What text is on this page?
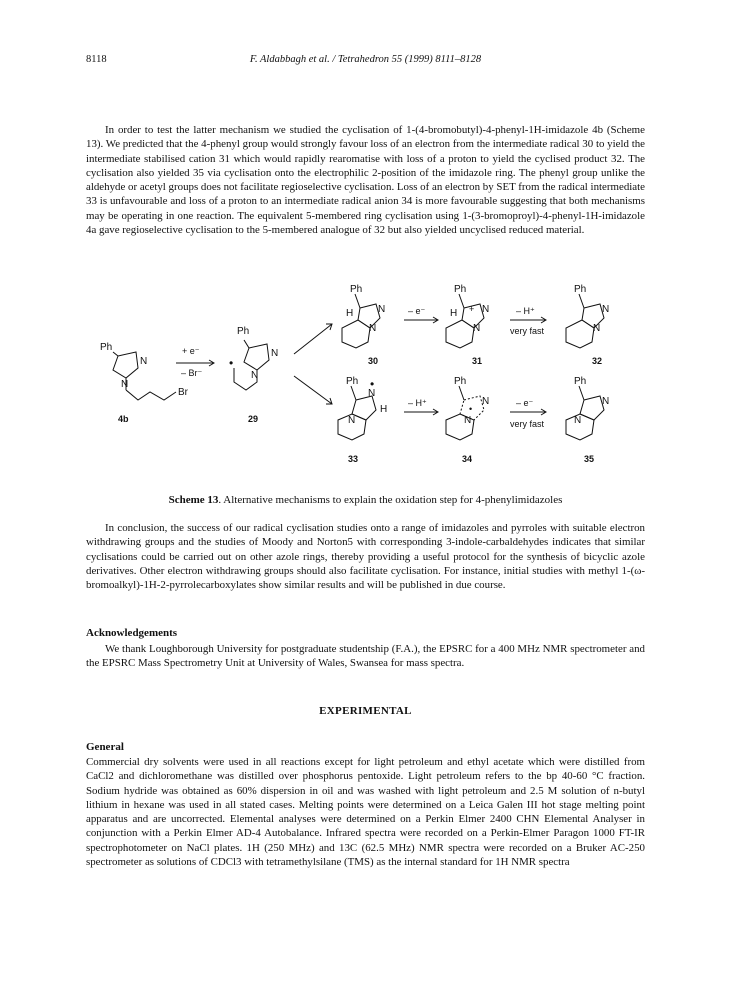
8118	F. Aldabbagh et al. / Tetrahedron 55 (1999) 8111–8128

In order to test the latter mechanism we studied the cyclisation of 1-(4-bromobutyl)-4-phenyl-1H-imidazole 4b (Scheme 13). We predicted that the 4-phenyl group would strongly favour loss of an electron from the intermediate radical 30 to yield the intermediate stabilised cation 31 which would rapidly rearomatise with loss of a proton to yield the cyclised product 32. The cyclisation also yielded 35 via cyclisation onto the electrophilic 2-position of the imidazole ring. The phenyl group unlike the aldehyde or acetyl groups does not facilitate regioselective cyclisation. Loss of an electron by SET from the radical intermediate 33 is unfavourable and loss of a proton to an intermediate radical anion 34 is more favourable suggesting that both mechanisms may be operating in one reaction. The equivalent 5-membered ring cyclisation using 1-(3-bromoproyl)-4-phenyl-1H-imidazole 4a gave regioselective cyclisation to the 5-membered analogue of 32 but also yielded uncyclised reduced material.

Ph
N
N
Br
4b
+ e⁻
– Br⁻
Ph
N
N
•
29
Ph
N
N
H
30
– e⁻
Ph
N
N
H +
31
– H⁺
very fast
Ph
N
N
32
Ph
N
N
H
•
33
– H⁺
Ph
N
N
•
34
– e⁻
very fast
Ph
N
N
35

Scheme 13. Alternative mechanisms to explain the oxidation step for 4-phenylimidazoles

In conclusion, the success of our radical cyclisation studies onto a range of imidazoles and pyrroles with suitable electron withdrawing groups and the studies of Moody and Norton5 with corresponding 3-indole-carbaldehydes indicates that similar cyclisations could be carried out on other azole rings, thereby providing a useful protocol for the synthesis of bicyclic azole derivatives. Other electron withdrawing groups should also facilitate cyclisation. For instance, initial studies with methyl 1-(ω-bromoalkyl)-1H-2-pyrrolecarboxylates show similar results and will be published in due course.

Acknowledgements

We thank Loughborough University for postgraduate studentship (F.A.), the EPSRC for a 400 MHz NMR spectrometer and the EPSRC Mass Spectrometry Unit at University of Wales, Swansea for mass spectra.

EXPERIMENTAL

General

Commercial dry solvents were used in all reactions except for light petroleum and ethyl acetate which were distilled from CaCl2 and dichloromethane was distilled over phosphorus pentoxide. Light petroleum refers to the bp 40-60 °C fraction. Sodium hydride was obtained as 60% dispersion in oil and was washed with light petroleum and 2.5 M solution of n-butyl lithium in hexane was used in all stated cases. Melting points were determined on a Leica Galen III hot stage melting point apparatus and are uncorrected. Elemental analyses were determined on a Perkin Elmer 2400 CHN Elemental Analyser in conjunction with a Perkin Elmer AD-4 Autobalance. Infrared spectra were recorded on a Perkin-Elmer Paragon 1000 FT-IR spectrophotometer on NaCl plates. 1H (250 MHz) and 13C (62.5 MHz) NMR spectra were recorded on a Bruker AC-250 spectrometer as solutions of CDCl3 with tetramethylsilane (TMS) as the internal standard for 1H NMR spectra
